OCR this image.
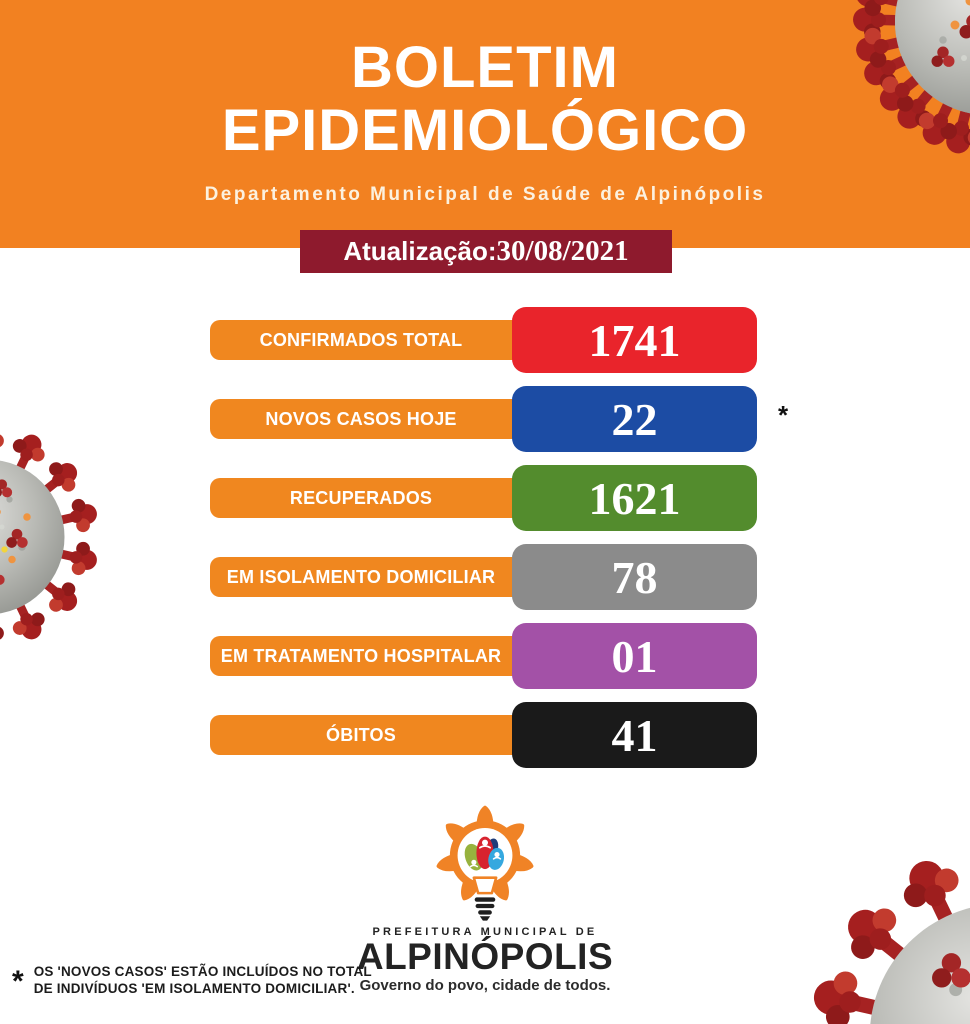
BOLETIM
EPIDEMIOLÓGICO
Departamento Municipal de Saúde de Alpinópolis
Atualização: 30/08/2021
CONFIRMADOS TOTAL	1741
NOVOS CASOS HOJE	22	*
RECUPERADOS	1621
EM ISOLAMENTO DOMICILIAR	78
EM TRATAMENTO HOSPITALAR 01
ÓBITOS	41
PREFEITURA MUNICIPAL DE
ALPINÓPOLIS
Governo do povo, cidade de todos.
* OS 'NOVOS CASOS' ESTÃO INCLUÍDOS NO TOTAL
DE INDIVÍDUOS 'EM ISOLAMENTO DOMICILIAR'.
